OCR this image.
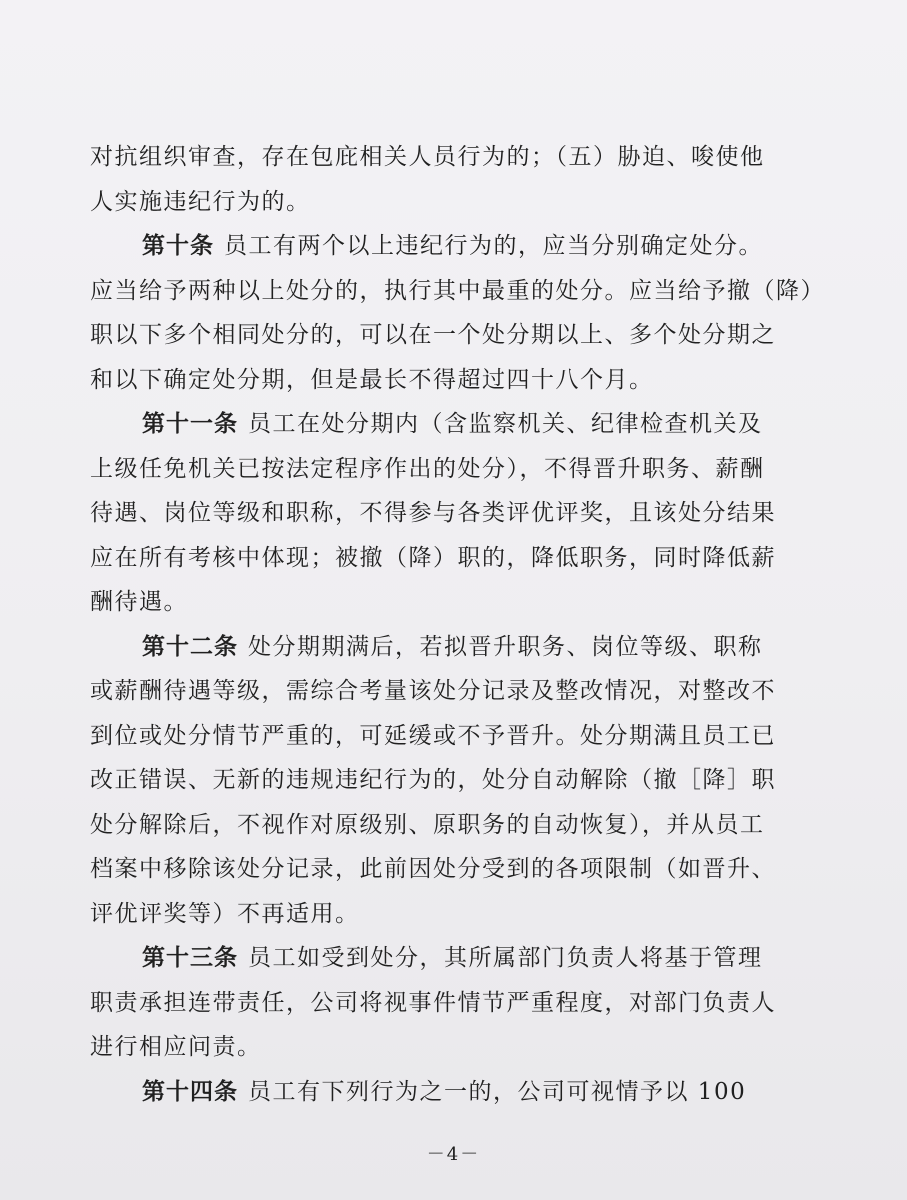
对抗组织审查，存在包庇相关人员行为的；（五）胁迫、唆使他
人实施违纪行为的。
第十条 员工有两个以上违纪行为的，应当分别确定处分。
应当给予两种以上处分的，执行其中最重的处分。应当给予撤（降）
职以下多个相同处分的，可以在一个处分期以上、多个处分期之
和以下确定处分期，但是最长不得超过四十八个月。
第十一条 员工在处分期内（含监察机关、纪律检查机关及
上级任免机关已按法定程序作出的处分），不得晋升职务、薪酬
待遇、岗位等级和职称，不得参与各类评优评奖，且该处分结果
应在所有考核中体现；被撤（降）职的，降低职务，同时降低薪
酬待遇。
第十二条 处分期期满后，若拟晋升职务、岗位等级、职称
或薪酬待遇等级，需综合考量该处分记录及整改情况，对整改不
到位或处分情节严重的，可延缓或不予晋升。处分期满且员工已
改正错误、无新的违规违纪行为的，处分自动解除（撤［降］职
处分解除后，不视作对原级别、原职务的自动恢复），并从员工
档案中移除该处分记录，此前因处分受到的各项限制（如晋升、
评优评奖等）不再适用。
第十三条 员工如受到处分，其所属部门负责人将基于管理
职责承担连带责任，公司将视事件情节严重程度，对部门负责人
进行相应问责。
第十四条 员工有下列行为之一的，公司可视情予以 100
－4－
